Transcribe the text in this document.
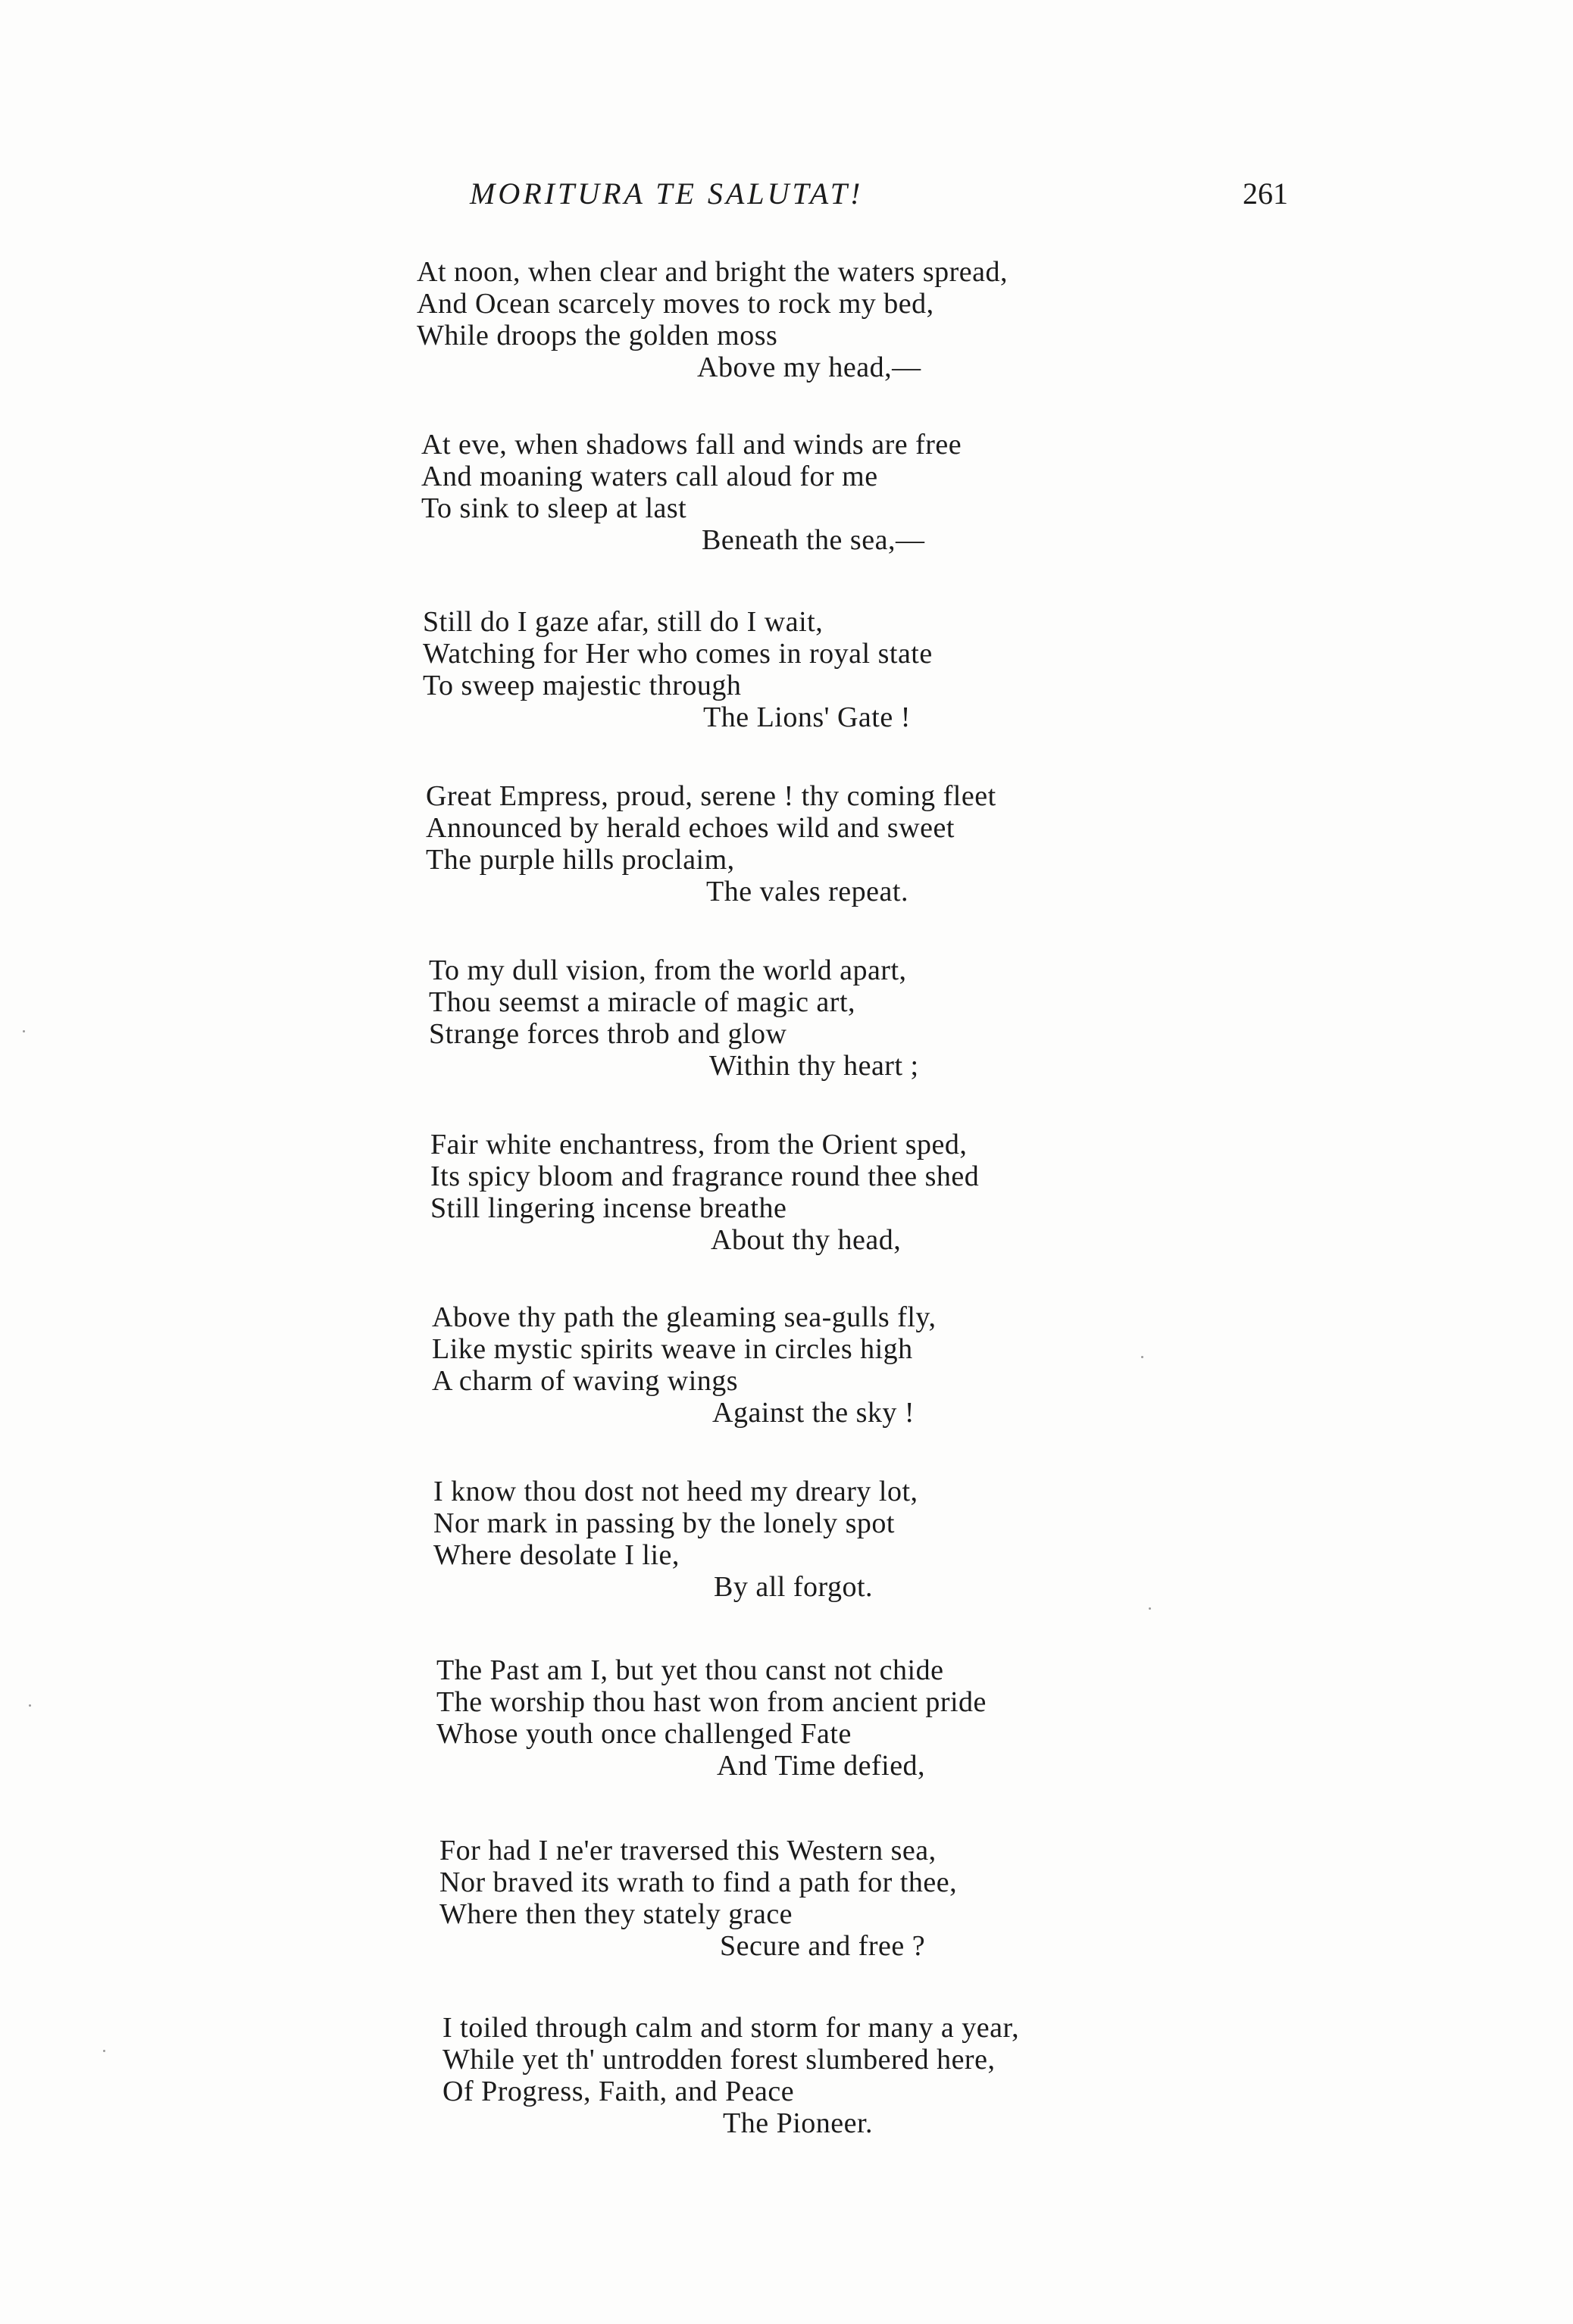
MORITURA TE SALUTAT!	261
At noon, when clear and bright the waters spread,
And Ocean scarcely moves to rock my bed,
While droops the golden moss
Above my head,—
At eve, when shadows fall and winds are free
And moaning waters call aloud for me
To sink to sleep at last
Beneath the sea,—
Still do I gaze afar, still do I wait,
Watching for Her who comes in royal state
To sweep majestic through
The Lions' Gate !
Great Empress, proud, serene ! thy coming fleet
Announced by herald echoes wild and sweet
The purple hills proclaim,
The vales repeat.
To my dull vision, from the world apart,
Thou seemst a miracle of magic art,
Strange forces throb and glow
Within thy heart ;
Fair white enchantress, from the Orient sped,
Its spicy bloom and fragrance round thee shed
Still lingering incense breathe
About thy head,
Above thy path the gleaming sea-gulls fly,
Like mystic spirits weave in circles high
A charm of waving wings
Against the sky !
I know thou dost not heed my dreary lot,
Nor mark in passing by the lonely spot
Where desolate I lie,
By all forgot.
The Past am I, but yet thou canst not chide
The worship thou hast won from ancient pride
Whose youth once challenged Fate
And Time defied,
For had I ne'er traversed this Western sea,
Nor braved its wrath to find a path for thee,
Where then they stately grace
Secure and free ?
I toiled through calm and storm for many a year,
While yet th' untrodden forest slumbered here,
Of Progress, Faith, and Peace
The Pioneer.
